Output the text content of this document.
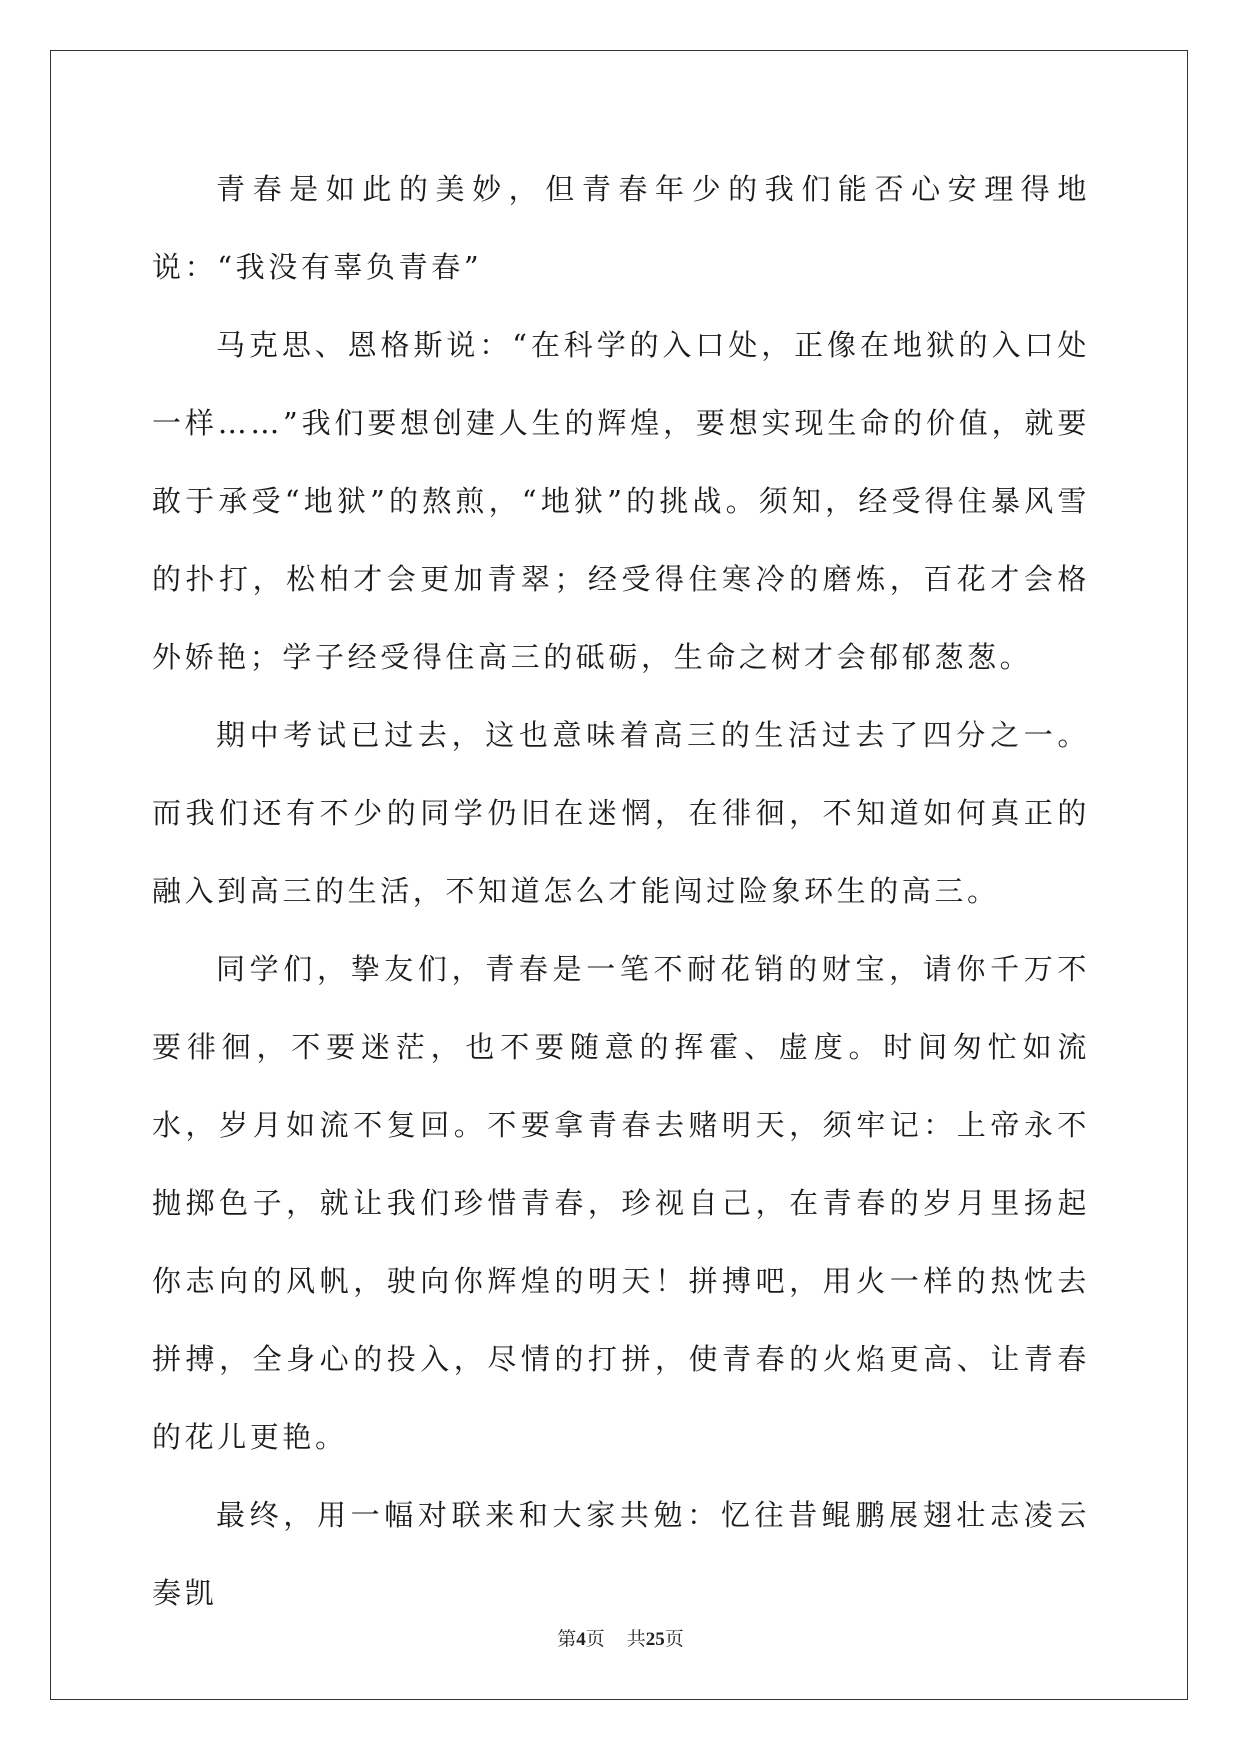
青春是如此的美妙，但青春年少的我们能否心安理得地说：“我没有辜负青春”

马克思、恩格斯说：“在科学的入口处，正像在地狱的入口处一样……”我们要想创建人生的辉煌，要想实现生命的价值，就要敢于承受“地狱”的熬煎，“地狱”的挑战。须知，经受得住暴风雪的扑打，松柏才会更加青翠；经受得住寒冷的磨炼，百花才会格外娇艳；学子经受得住高三的砥砺，生命之树才会郁郁葱葱。

期中考试已过去，这也意味着高三的生活过去了四分之一。而我们还有不少的同学仍旧在迷惘，在徘徊，不知道如何真正的融入到高三的生活，不知道怎么才能闯过险象环生的高三。

同学们，挚友们，青春是一笔不耐花销的财宝，请你千万不要徘徊，不要迷茫，也不要随意的挥霍、虚度。时间匆忙如流水，岁月如流不复回。不要拿青春去赌明天，须牢记：上帝永不抛掷色子，就让我们珍惜青春，珍视自己，在青春的岁月里扬起你志向的风帆，驶向你辉煌的明天！拼搏吧，用火一样的热忱去拼搏，全身心的投入，尽情的打拼，使青春的火焰更高、让青春的花儿更艳。

最终，用一幅对联来和大家共勉：忆往昔鲲鹏展翅壮志凌云奏凯

第4页 共25页
